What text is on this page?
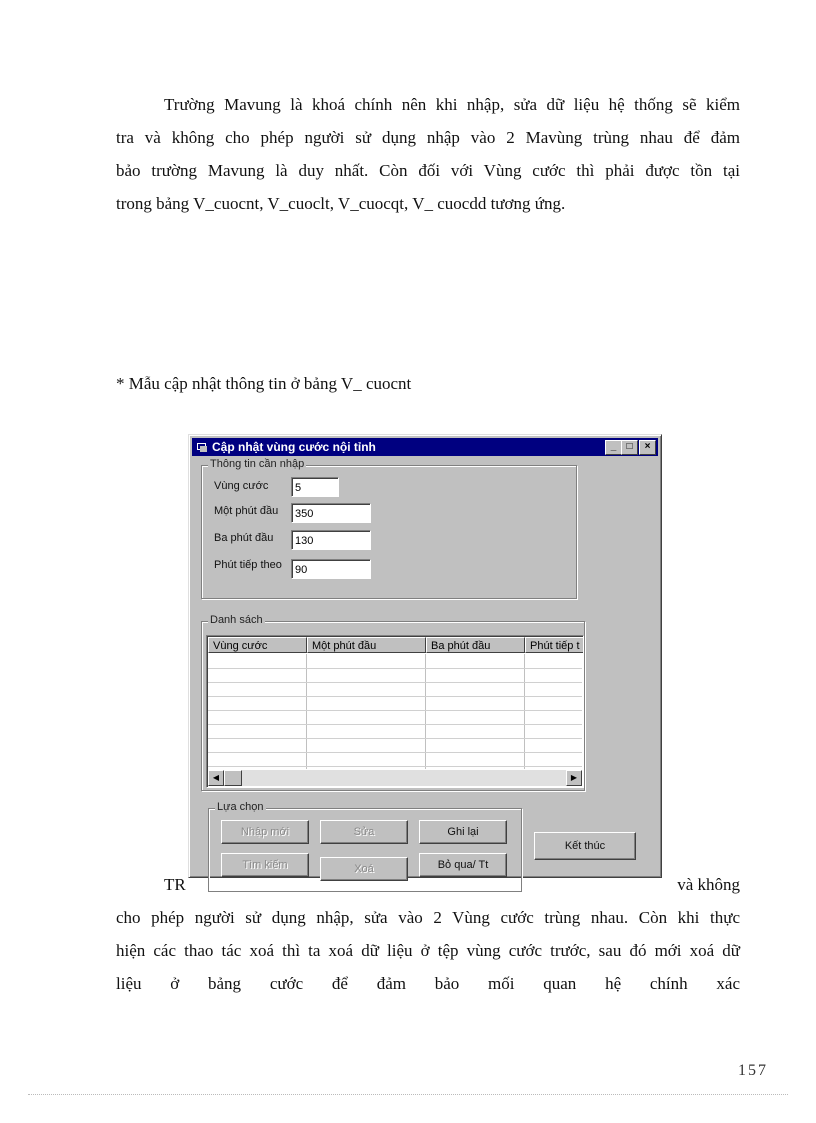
Trường Mavung là khoá chính nên khi nhập, sửa dữ liệu hệ thống sẽ kiểm
tra và không cho phép người sử dụng nhập vào 2 Mavùng trùng nhau để đảm
bảo trường Mavung là duy nhất. Còn đối với Vùng cước thì phải được tồn tại
trong bảng V_cuocnt, V_cuoclt, V_cuocqt, V_ cuocdd tương ứng.
* Mẫu cập nhật thông tin ở bảng V_ cuocnt
TR	và không
cho phép người sử dụng nhập, sửa vào 2 Vùng cước trùng nhau. Còn khi thực
hiện các thao tác xoá thì ta xoá dữ liệu ở tệp vùng cước trước, sau đó mới xoá dữ
liệu ở bảng cước để đảm bảo mối quan hệ chính xác
Cập nhật vùng cước nội tỉnh	_	□	×
Thông tin cần nhập
Vùng cước	5
Một phút đầu	350
Ba phút đầu	130
Phút tiếp theo	90
Danh sách
Vùng cước	Một phút đầu	Ba phút đầu	Phút tiếp t
◀	▶
Lựa chọn
Nhập mới	Sửa	Ghi lại
Tìm kiếm	Xoá	Bỏ qua/ Tt
Kết thúc
157
